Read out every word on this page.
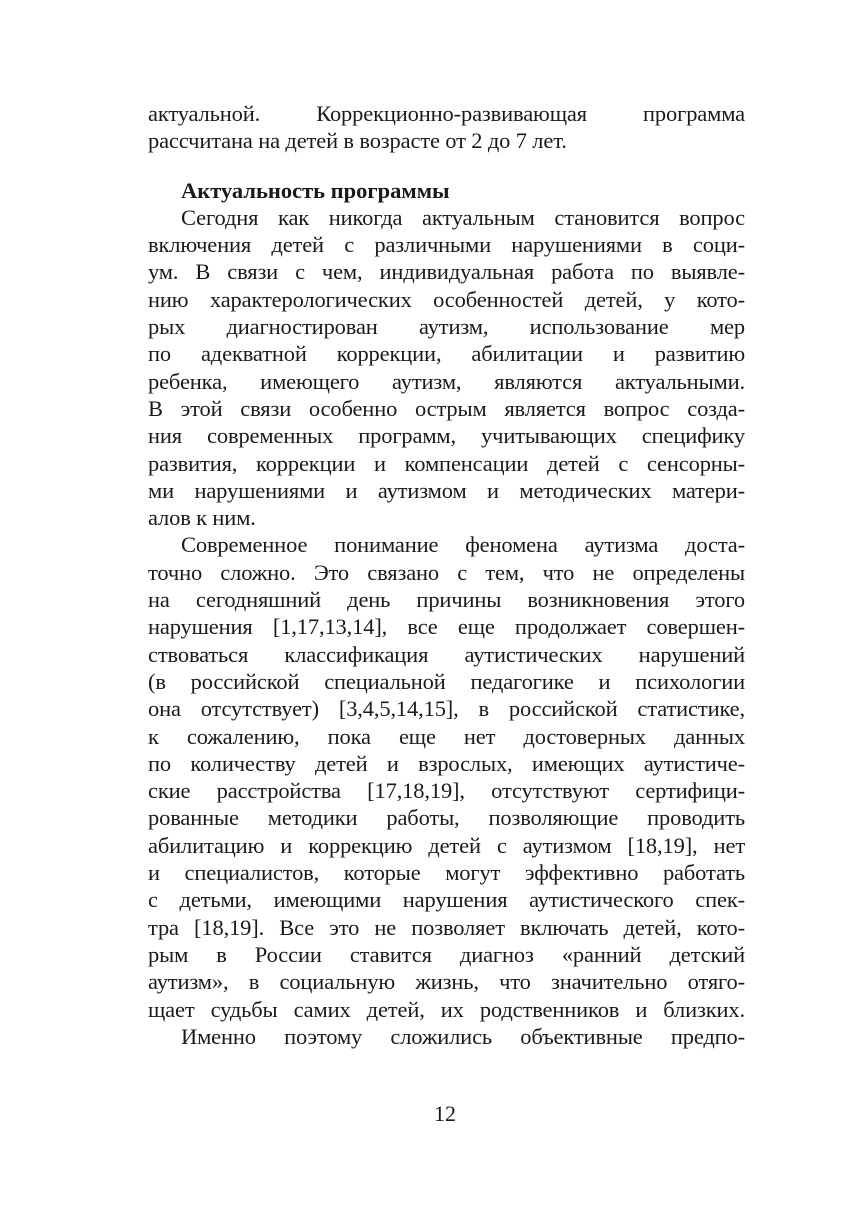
актуальной. Коррекционно-развивающая программа
рассчитана на детей в возрасте от 2 до 7 лет.
Актуальность программы
Сегодня как никогда актуальным становится вопрос
включения детей с различными нарушениями в соци-
ум. В связи с чем, индивидуальная работа по выявле-
нию характерологических особенностей детей, у кото-
рых диагностирован аутизм, использование мер
по адекватной коррекции, абилитации и развитию
ребенка, имеющего аутизм, являются актуальными.
В этой связи особенно острым является вопрос созда-
ния современных программ, учитывающих специфику
развития, коррекции и компенсации детей с сенсорны-
ми нарушениями и аутизмом и методических матери-
алов к ним.
Современное понимание феномена аутизма доста-
точно сложно. Это связано с тем, что не определены
на сегодняшний день причины возникновения этого
нарушения [1,17,13,14], все еще продолжает совершен-
ствоваться классификация аутистических нарушений
(в российской специальной педагогике и психологии
она отсутствует) [3,4,5,14,15], в российской статистике,
к сожалению, пока еще нет достоверных данных
по количеству детей и взрослых, имеющих аутистиче-
ские расстройства [17,18,19], отсутствуют сертифици-
рованные методики работы, позволяющие проводить
абилитацию и коррекцию детей с аутизмом [18,19], нет
и специалистов, которые могут эффективно работать
с детьми, имеющими нарушения аутистического спек-
тра [18,19]. Все это не позволяет включать детей, кото-
рым в России ставится диагноз «ранний детский
аутизм», в социальную жизнь, что значительно отяго-
щает судьбы самих детей, их родственников и близких.
Именно поэтому сложились объективные предпо-
12
